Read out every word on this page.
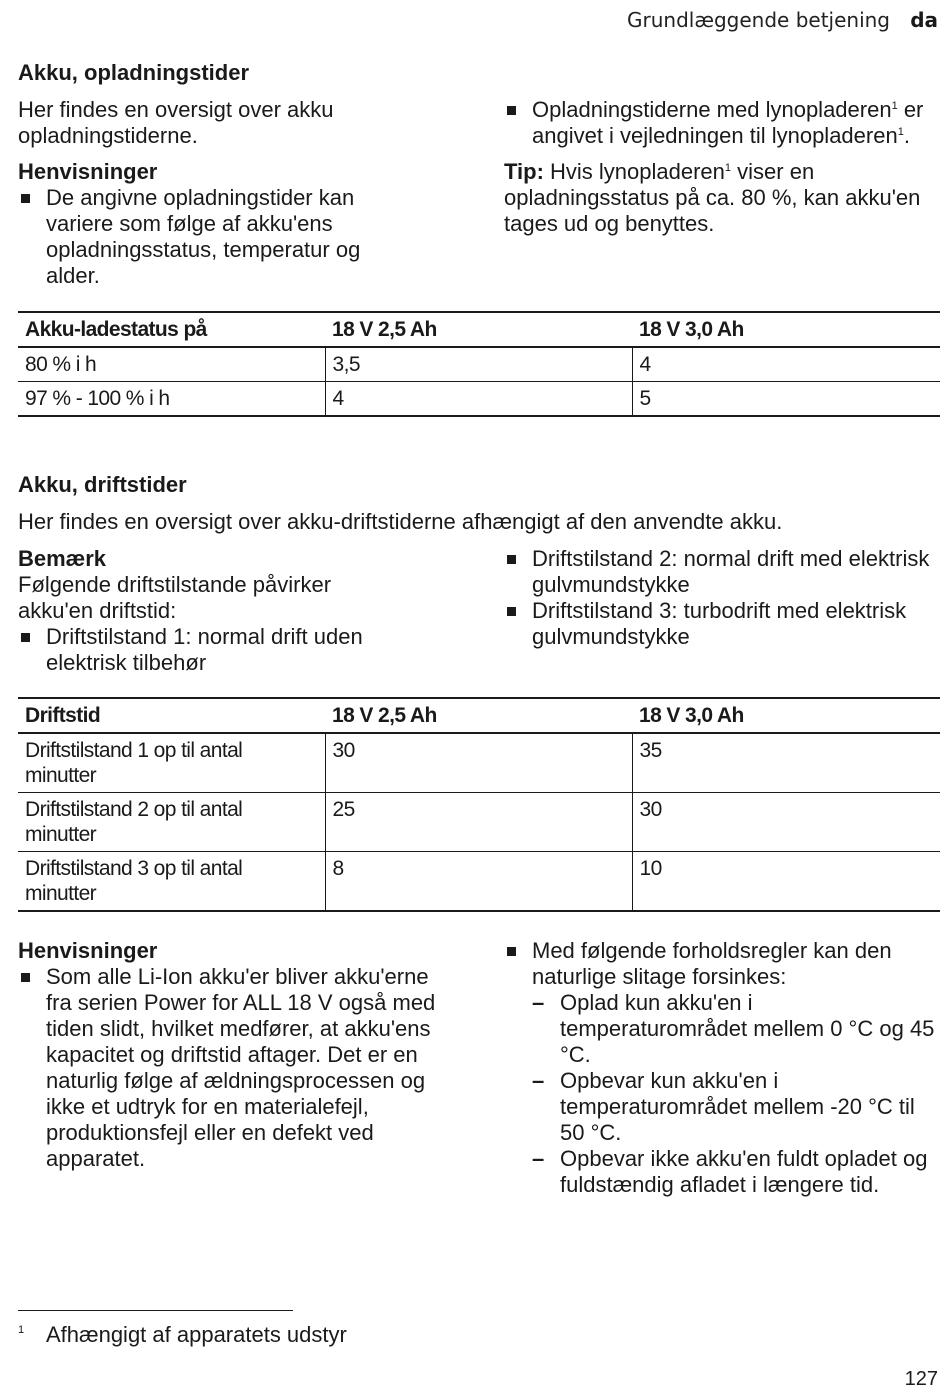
Grundlæggende betjening da
Akku, opladningstider

Her findes en oversigt over akku opladningstiderne.

Henvisninger
De angivne opladningstider kan variere som følge af akku'ens opladningsstatus, temperatur og alder.
Opladningstiderne med lynopladeren$^1$ er angivet i vejledningen til lynopladeren$^1$.

Tip: Hvis lynopladeren$^1$ viser en opladningsstatus på ca. 80 %, kan akku'en tages ud og benyttes.

Akku-ladestatus på	18 V 2,5 Ah	18 V 3,0 Ah
80 % i h	3,5	4
97 % - 100 % i h	4	5
Akku, driftstider

Her findes en oversigt over akku-driftstiderne afhængigt af den anvendte akku.

Bemærk

Følgende driftstilstande påvirker akku'en driftstid:

Driftstilstand 1: normal drift uden elektrisk tilbehør
Driftstilstand 2: normal drift med elektrisk gulvmundstykke
Driftstilstand 3: turbodrift med elektrisk gulvmundstykke
Driftstid	18 V 2,5 Ah	18 V 3,0 Ah
Driftstilstand 1 op til antal minutter	30	35
Driftstilstand 2 op til antal minutter	25	30
Driftstilstand 3 op til antal minutter	8	10
Henvisninger
Som alle Li-Ion akku'er bliver akku'erne fra serien Power for ALL 18 V også med tiden slidt, hvilket medfører, at akku'ens kapacitet og driftstid aftager. Det er en naturlig følge af ældningsprocessen og ikke et udtryk for en materialefejl, produktionsfejl eller en defekt ved apparatet.
Med følgende forholdsregler kan den naturlige slitage forsinkes:
– Oplad kun akku'en i temperaturområdet mellem 0 °C og 45 °C.
– Opbevar kun akku'en i temperaturområdet mellem -20 °C til 50 °C.
– Opbevar ikke akku'en fuldt opladet og fuldstændig afladet i længere tid.
1 Afhængigt af apparatets udstyr
127
